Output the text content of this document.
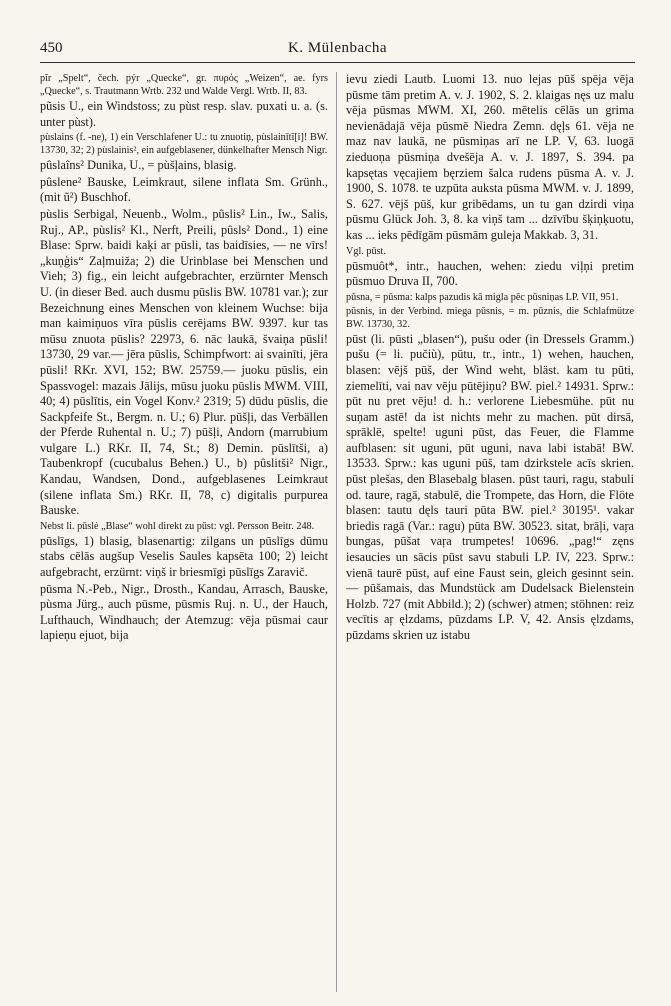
450	K. Mülenbacha

pĩr „Spelt“, čech. pýr „Quecke“, gr. πυρός „Weizen“, ae. fyrs „Quecke“, s. Trautmann Wrtb. 232 und Walde Vergl. Wrtb. II, 83.

pũsis U., ein Windstoss; zu pùst resp. slav. puxati u. a. (s. unter pùst).

pùslains (f. -ne), 1) ein Verschlafener U.: tu znuotiņ, pùslainītĩ[i]! BW. 13730, 32; 2) pùslainis², ein aufgeblasener, dünkelhafter Mensch Nigr.

pûslaîns² Dunika, U., = pùšļains, blasig.

pûslene² Bauske, Leimkraut, silene inflata Sm. Grünh., (mit ũ²) Buschhof.

pùslis Serbigal, Neuenb., Wolm., pûslis² Lin., Iw., Salis, Ruj., AP., pùslis² Kl., Nerft, Preili, pûsls² Dond., 1) eine Blase: Sprw. baidi kaķi ar pūsli, tas baidīsies, — ne vīrs! „kuņģis“ Zaļmuiža; 2) die Urinblase bei Menschen und Vieh; 3) fig., ein leicht aufgebrachter, erzürnter Mensch U. (in dieser Bed. auch dusmu pūslis BW. 10781 var.); zur Bezeichnung eines Menschen von kleinem Wuchse: bija man kaimiņuos vīra pūslis cerējams BW. 9397. kur tas mūsu znuota pūslis? 22973, 6. nāc laukā, švaiņa pūsli! 13730, 29 var.— jēra pūslis, Schimpfwort: ai svainīti, jēra pūsli! RKr. XVI, 152; BW. 25759.— juoku pūslis, ein Spassvogel: mazais Jālijs, mūsu juoku pūslis MWM. VIII, 40; 4) pūslītis, ein Vogel Konv.² 2319; 5) dūdu pūslis, die Sackpfeife St., Bergm. n. U.; 6) Plur. pūšļi, das Verbällen der Pferde Ruhental n. U.; 7) pūšļi, Andorn (marrubium vulgare L.) RKr. II, 74, St.; 8) Demin. pūslītši, a) Taubenkropf (cucubalus Behen.) U., b) pûslitši² Nigr., Kandau, Wandsen, Dond., aufgeblasenes Leimkraut (silene inflata Sm.) RKr. II, 78, c) digitalis purpurea Bauske.

Nebst li. pūslė „Blase“ wohl direkt zu pūst: vgl. Persson Beitr. 248.

pūslīgs, 1) blasig, blasenartig: zilgans un pūslīgs dūmu stabs cēlās augšup Veselis Saules kapsēta 100; 2) leicht aufgebracht, erzürnt: viņš ir briesmīgi pūslīgs Zaravič.

pūsma N.-Peb., Nigr., Drosth., Kandau, Arrasch, Bauske, pùsma Jürg., auch pūsme, pūsmis Ruj. n. U., der Hauch, Lufthauch, Windhauch; der Atemzug: vēja pūsmai caur lapieņu ejuot, bija

ievu ziedi Lautb. Luomi 13. nuo lejas pūš spēja vēja pūsme tām pretim A. v. J. 1902, S. 2. klaigas nęs uz malu vēja pūsmas MWM. XI, 260. mētelis cēlās un grima nevienādajā vēja pūsmē Niedra Zemn. dęļs 61. vēja ne maz nav laukā, ne pūsmiņas arī ne LP. V, 63. luogā zieduoņa pūsmiņa dvešēja A. v. J. 1897, S. 394. pa kapsętas vęcajiem bęrziem šalca rudens pūsma A. v. J. 1900, S. 1078. te uzpūta auksta pūsma MWM. v. J. 1899, S. 627. vējš pūš, kur gribēdams, un tu gan dzirdi viņa pūsmu Glück Joh. 3, 8. ka viņš tam ... dzīvību šķiņķuotu, kas ... ieks pēdīgām pūsmām guleja Makkab. 3, 31.

Vgl. pūst.

pūsmuôt*, intr., hauchen, wehen: ziedu viļņi pretim pūsmuo Druva II, 700.

pūsna, = pūsma: kalps pazudis kā migla pēc pūsniņas LP. VII, 951.

pūsnis, in der Verbind. miega pūsnis, = m. pūznis, die Schlafmütze BW. 13730, 32.

pūst (li. pūsti „blasen“), pušu oder (in Dressels Gramm.) pušu (= li. pučiù), pūtu, tr., intr., 1) wehen, hauchen, blasen: vējš pūš, der Wind weht, bläst. kam tu pūti, ziemelīti, vai nav vēju pūtējiņu? BW. piel.² 14931. Sprw.: pūt nu pret vēju! d. h.: verlorene Liebesmühe. pūt nu suņam astē! da ist nichts mehr zu machen. pūt dirsā, sprāklē, spelte! uguni pūst, das Feuer, die Flamme aufblasen: sit uguni, pūt uguni, nava labi istabā! BW. 13533. Sprw.: kas uguni pūš, tam dzirkstele acīs skrien. pūst plešas, den Blasebalg blasen. pūst tauri, ragu, stabuli od. taure, ragā, stabulē, die Trompete, das Horn, die Flöte blasen: tautu dęls tauri pūta BW. piel.² 30195¹. vakar briedis ragā (Var.: ragu) pūta BW. 30523. sitat, brāļi, vaŗa bungas, pūšat vaŗa trumpetes! 10696. „pag!“ zęns iesaucies un sācis pūst savu stabuli LP. IV, 223. Sprw.: vienā taurē pūst, auf eine Faust sein, gleich gesinnt sein. — pūšamais, das Mundstück am Dudelsack Bielenstein Holzb. 727 (mit Abbild.); 2) (schwer) atmen; stöhnen: reiz vecītis aŗ ęlzdams, pūzdams LP. V, 42. Ansis ęlzdams, pūzdams skrien uz istabu
